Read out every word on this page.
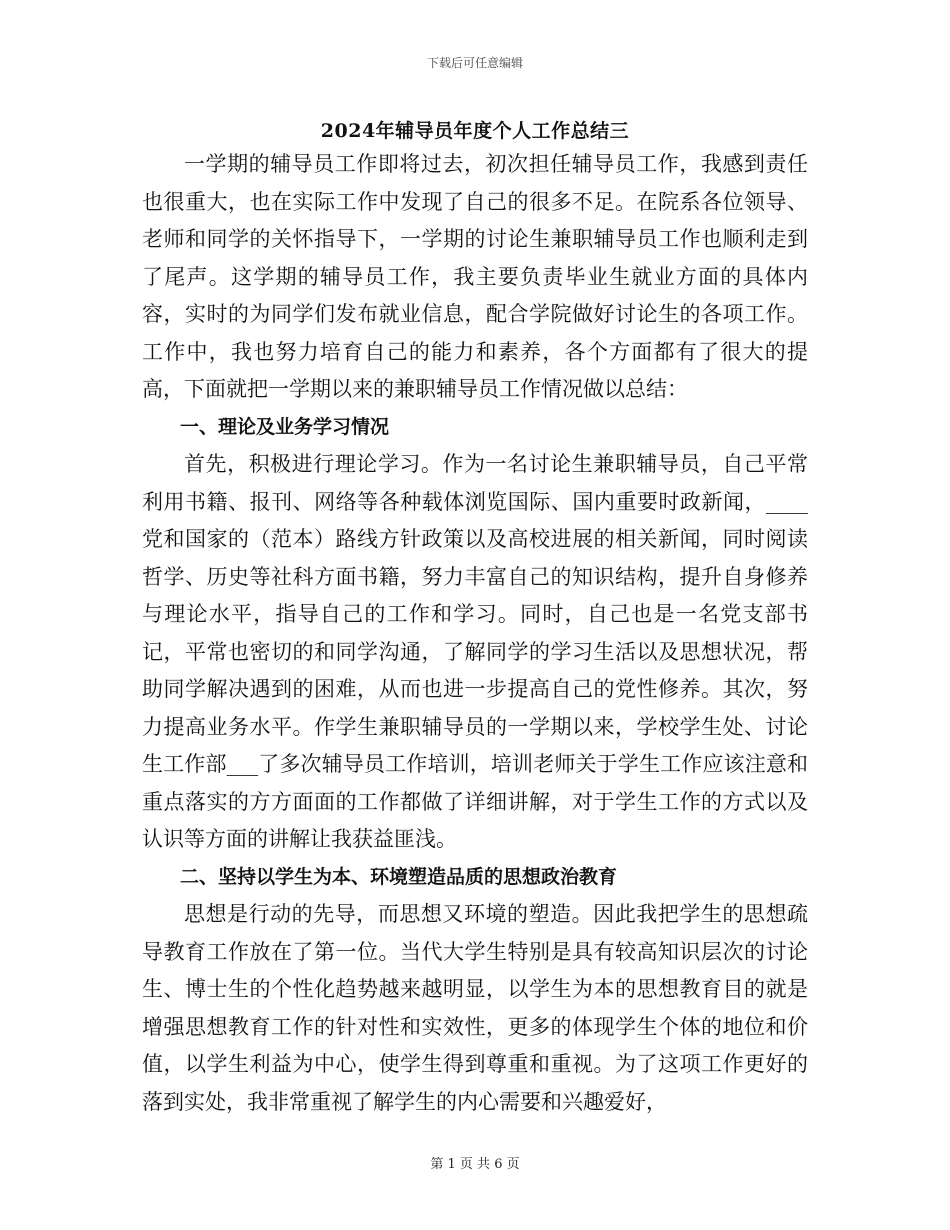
下载后可任意编辑
2024年辅导员年度个人工作总结三

一学期的辅导员工作即将过去，初次担任辅导员工作，我感到责任也很重大，也在实际工作中发现了自己的很多不足。在院系各位领导、老师和同学的关怀指导下，一学期的讨论生兼职辅导员工作也顺利走到了尾声。这学期的辅导员工作，我主要负责毕业生就业方面的具体内容，实时的为同学们发布就业信息，配合学院做好讨论生的各项工作。工作中，我也努力培育自己的能力和素养，各个方面都有了很大的提高，下面就把一学期以来的兼职辅导员工作情况做以总结：

一、理论及业务学习情况

首先，积极进行理论学习。作为一名讨论生兼职辅导员，自己平常利用书籍、报刊、网络等各种载体浏览国际、国内重要时政新闻，____党和国家的（范本）路线方针政策以及高校进展的相关新闻，同时阅读哲学、历史等社科方面书籍，努力丰富自己的知识结构，提升自身修养与理论水平，指导自己的工作和学习。同时，自己也是一名党支部书记，平常也密切的和同学沟通，了解同学的学习生活以及思想状况，帮助同学解决遇到的困难，从而也进一步提高自己的党性修养。其次，努力提高业务水平。作学生兼职辅导员的一学期以来，学校学生处、讨论生工作部___了多次辅导员工作培训，培训老师关于学生工作应该注意和重点落实的方方面面的工作都做了详细讲解，对于学生工作的方式以及认识等方面的讲解让我获益匪浅。

二、坚持以学生为本、环境塑造品质的思想政治教育

思想是行动的先导，而思想又环境的塑造。因此我把学生的思想疏导教育工作放在了第一位。当代大学生特别是具有较高知识层次的讨论生、博士生的个性化趋势越来越明显，以学生为本的思想教育目的就是增强思想教育工作的针对性和实效性，更多的体现学生个体的地位和价值，以学生利益为中心，使学生得到尊重和重视。为了这项工作更好的落到实处，我非常重视了解学生的内心需要和兴趣爱好，

第 1 页 共 6 页
